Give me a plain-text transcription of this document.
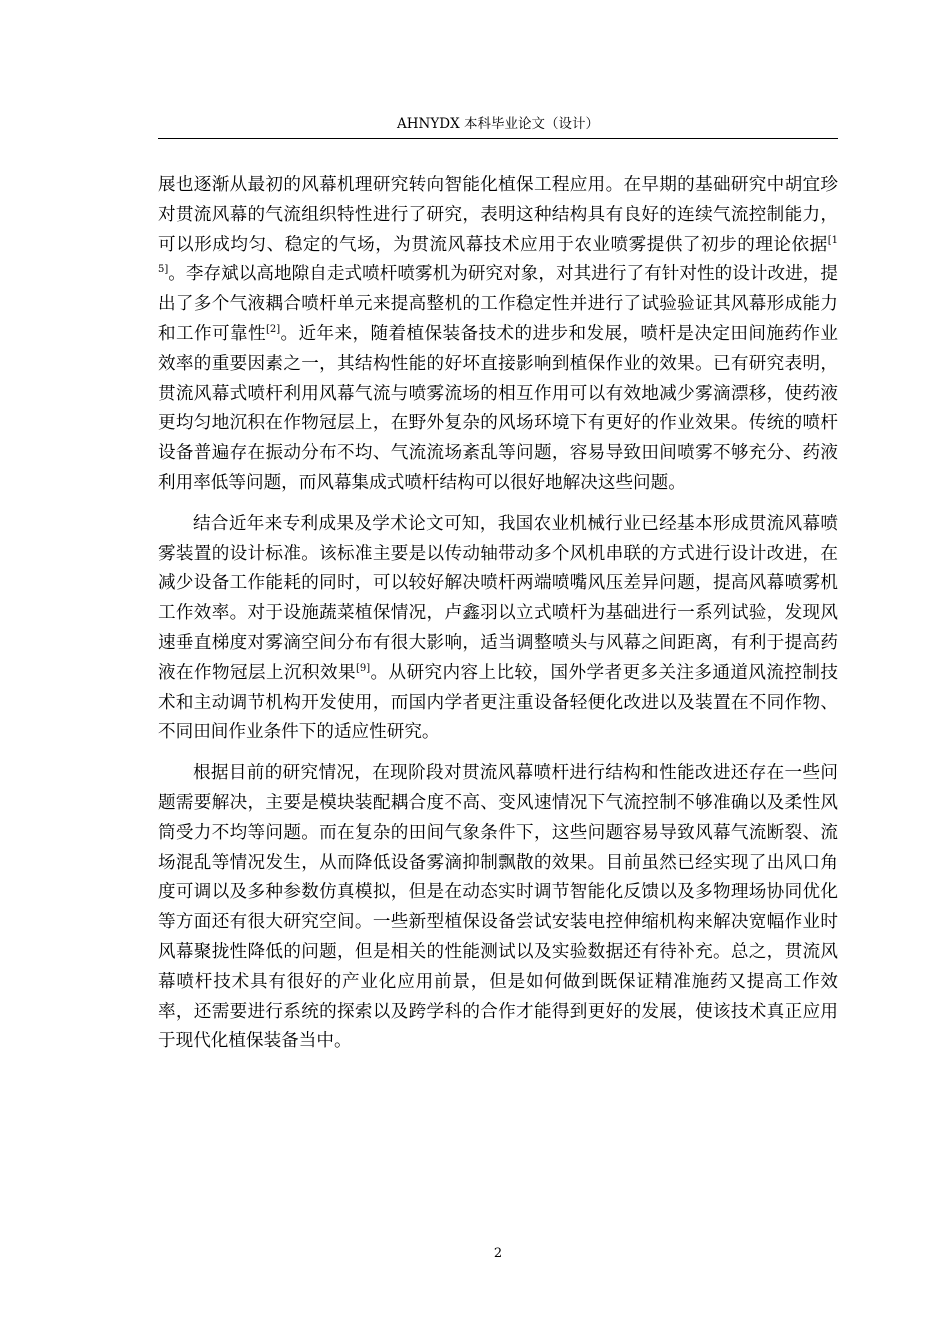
AHNYDX 本科毕业论文（设计）

展也逐渐从最初的风幕机理研究转向智能化植保工程应用。在早期的基础研究中胡宜珍对贯流风幕的气流组织特性进行了研究，表明这种结构具有良好的连续气流控制能力，可以形成均匀、稳定的气场，为贯流风幕技术应用于农业喷雾提供了初步的理论依据[15]。李存斌以高地隙自走式喷杆喷雾机为研究对象，对其进行了有针对性的设计改进，提出了多个气液耦合喷杆单元来提高整机的工作稳定性并进行了试验验证其风幕形成能力和工作可靠性[2]。近年来，随着植保装备技术的进步和发展，喷杆是决定田间施药作业效率的重要因素之一，其结构性能的好坏直接影响到植保作业的效果。已有研究表明，贯流风幕式喷杆利用风幕气流与喷雾流场的相互作用可以有效地减少雾滴漂移，使药液更均匀地沉积在作物冠层上，在野外复杂的风场环境下有更好的作业效果。传统的喷杆设备普遍存在振动分布不均、气流流场紊乱等问题，容易导致田间喷雾不够充分、药液利用率低等问题，而风幕集成式喷杆结构可以很好地解决这些问题。

结合近年来专利成果及学术论文可知，我国农业机械行业已经基本形成贯流风幕喷雾装置的设计标准。该标准主要是以传动轴带动多个风机串联的方式进行设计改进，在减少设备工作能耗的同时，可以较好解决喷杆两端喷嘴风压差异问题，提高风幕喷雾机工作效率。对于设施蔬菜植保情况，卢鑫羽以立式喷杆为基础进行一系列试验，发现风速垂直梯度对雾滴空间分布有很大影响，适当调整喷头与风幕之间距离，有利于提高药液在作物冠层上沉积效果[9]。从研究内容上比较，国外学者更多关注多通道风流控制技术和主动调节机构开发使用，而国内学者更注重设备轻便化改进以及装置在不同作物、不同田间作业条件下的适应性研究。

根据目前的研究情况，在现阶段对贯流风幕喷杆进行结构和性能改进还存在一些问题需要解决，主要是模块装配耦合度不高、变风速情况下气流控制不够准确以及柔性风筒受力不均等问题。而在复杂的田间气象条件下，这些问题容易导致风幕气流断裂、流场混乱等情况发生，从而降低设备雾滴抑制飘散的效果。目前虽然已经实现了出风口角度可调以及多种参数仿真模拟，但是在动态实时调节智能化反馈以及多物理场协同优化等方面还有很大研究空间。一些新型植保设备尝试安装电控伸缩机构来解决宽幅作业时风幕聚拢性降低的问题，但是相关的性能测试以及实验数据还有待补充。总之，贯流风幕喷杆技术具有很好的产业化应用前景，但是如何做到既保证精准施药又提高工作效率，还需要进行系统的探索以及跨学科的合作才能得到更好的发展，使该技术真正应用于现代化植保装备当中。

2
